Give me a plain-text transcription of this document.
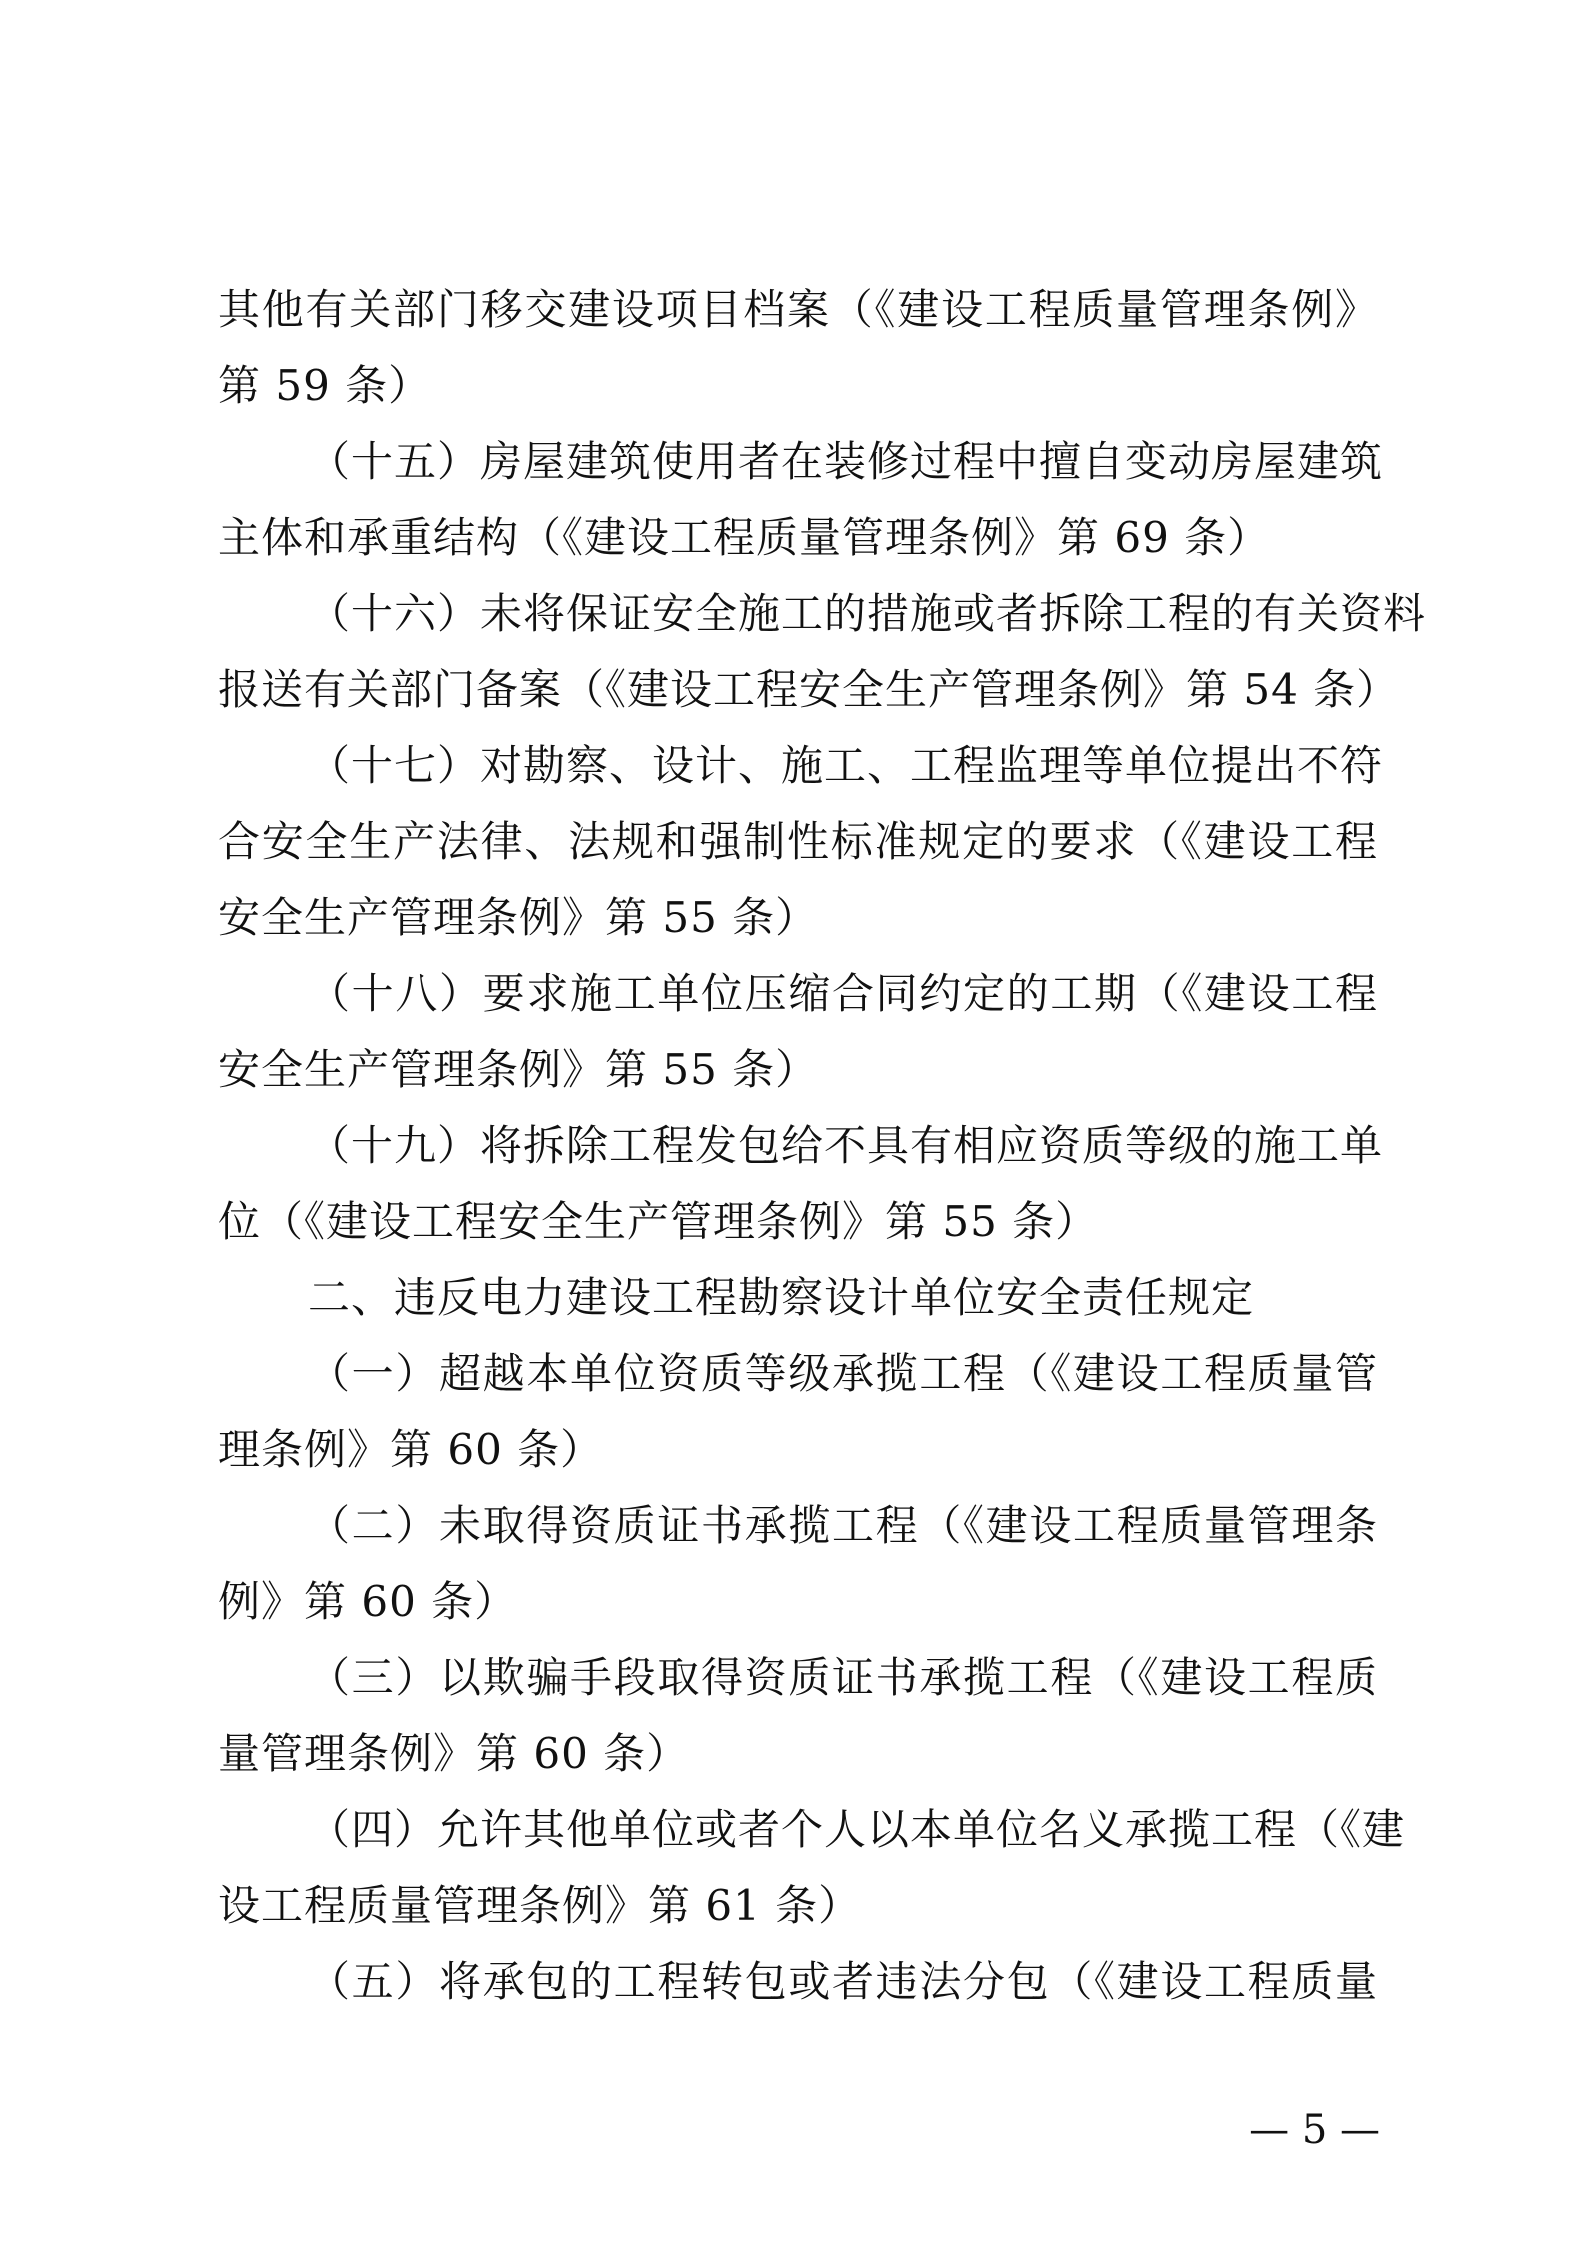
其他有关部门移交建设项目档案（《建设工程质量管理条例》
第 59 条）
（十五）房屋建筑使用者在装修过程中擅自变动房屋建筑
主体和承重结构（《建设工程质量管理条例》第 69 条）
（十六）未将保证安全施工的措施或者拆除工程的有关资料
报送有关部门备案（《建设工程安全生产管理条例》第 54 条）
（十七）对勘察、设计、施工、工程监理等单位提出不符
合安全生产法律、法规和强制性标准规定的要求（《建设工程
安全生产管理条例》第 55 条）
（十八）要求施工单位压缩合同约定的工期（《建设工程
安全生产管理条例》第 55 条）
（十九）将拆除工程发包给不具有相应资质等级的施工单
位（《建设工程安全生产管理条例》第 55 条）
二、违反电力建设工程勘察设计单位安全责任规定
（一）超越本单位资质等级承揽工程（《建设工程质量管
理条例》第 60 条）
（二）未取得资质证书承揽工程（《建设工程质量管理条
例》第 60 条）
（三）以欺骗手段取得资质证书承揽工程（《建设工程质
量管理条例》第 60 条）
（四）允许其他单位或者个人以本单位名义承揽工程（《建
设工程质量管理条例》第 61 条）
（五）将承包的工程转包或者违法分包（《建设工程质量
— 5 —
